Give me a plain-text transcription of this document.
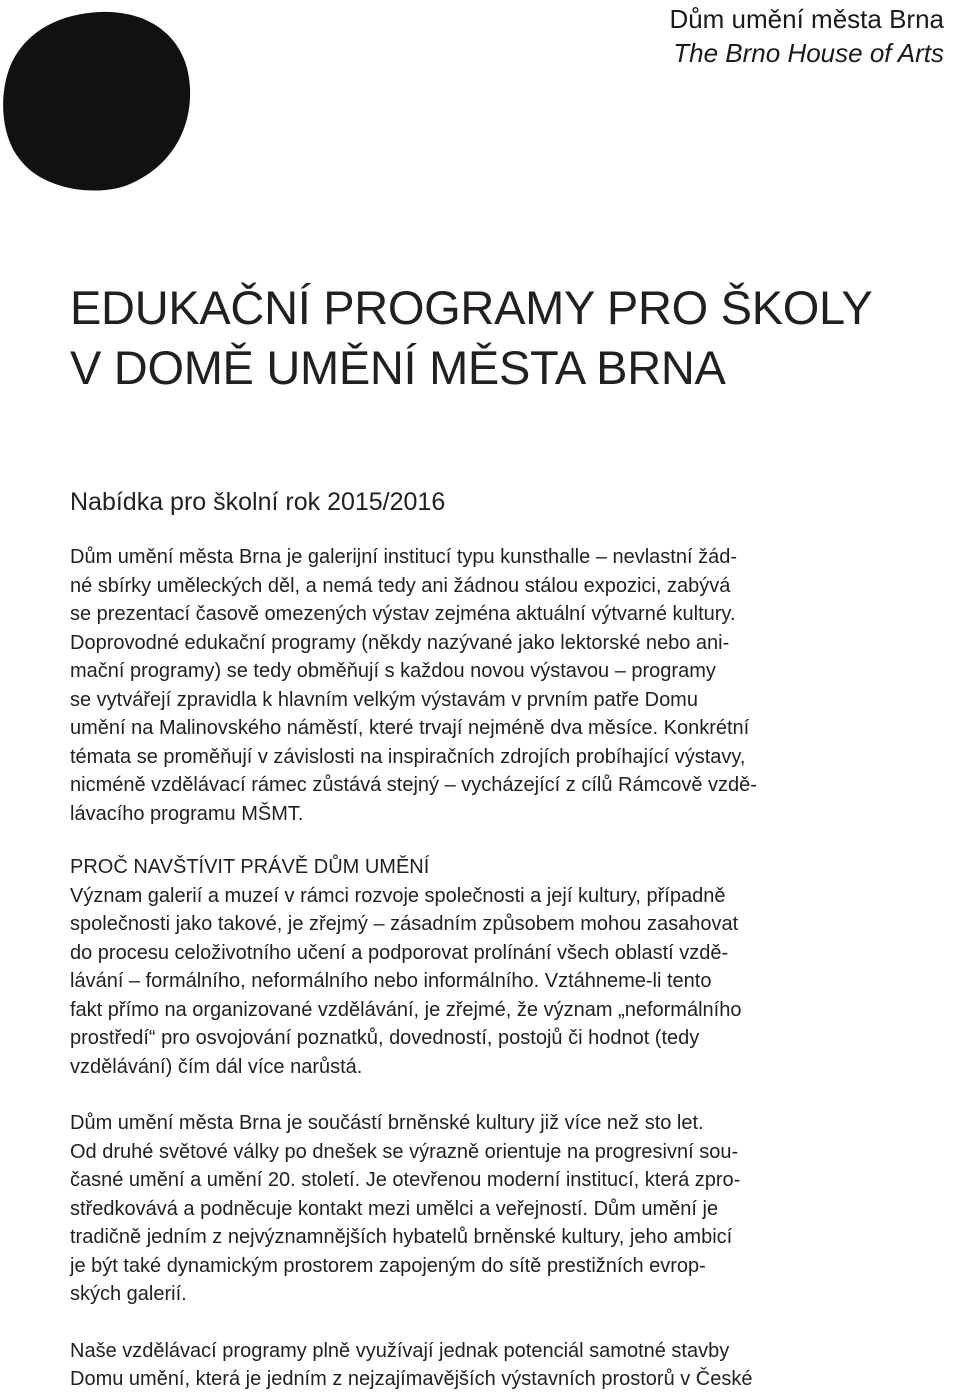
Dům umění města Brna
The Brno House of Arts
EDUKAČNÍ PROGRAMY PRO ŠKOLY
V DOMĚ UMĚNÍ MĚSTA BRNA
Nabídka pro školní rok 2015/2016

Dům umění města Brna je galerijní institucí typu kunsthalle – nevlastní žád-
né sbírky uměleckých děl, a nemá tedy ani žádnou stálou expozici, zabývá
se prezentací časově omezených výstav zejména aktuální výtvarné kultury.
Doprovodné edukační programy (někdy nazývané jako lektorské nebo ani-
mační programy) se tedy obměňují s každou novou výstavou – programy
se vytvářejí zpravidla k hlavním velkým výstavám v prvním patře Domu
umění na Malinovského náměstí, které trvají nejméně dva měsíce. Konkrétní
témata se proměňují v závislosti na inspiračních zdrojích probíhající výstavy,
nicméně vzdělávací rámec zůstává stejný – vycházející z cílů Rámcově vzdě-
lávacího programu MŠMT.

PROČ NAVŠTÍVIT PRÁVĚ DŮM UMĚNÍ

Význam galerií a muzeí v rámci rozvoje společnosti a její kultury, případně
společnosti jako takové, je zřejmý – zásadním způsobem mohou zasahovat
do procesu celoživotního učení a podporovat prolínání všech oblastí vzdě-
lávání – formálního, neformálního nebo informálního. Vztáhneme-li tento
fakt přímo na organizované vzdělávání, je zřejmé, že význam „neformálního
prostředí“ pro osvojování poznatků, dovedností, postojů či hodnot (tedy
vzdělávání) čím dál více narůstá.

Dům umění města Brna je součástí brněnské kultury již více než sto let.
Od druhé světové války po dnešek se výrazně orientuje na progresivní sou-
časné umění a umění 20. století. Je otevřenou moderní institucí, která zpro-
středkovává a podněcuje kontakt mezi umělci a veřejností. Dům umění je
tradičně jedním z nejvýznamnějších hybatelů brněnské kultury, jeho ambicí
je být také dynamickým prostorem zapojeným do sítě prestižních evrop-
ských galerií.

Naše vzdělávací programy plně využívají jednak potenciál samotné stavby
Domu umění, která je jedním z nejzajímavějších výstavních prostorů v České
